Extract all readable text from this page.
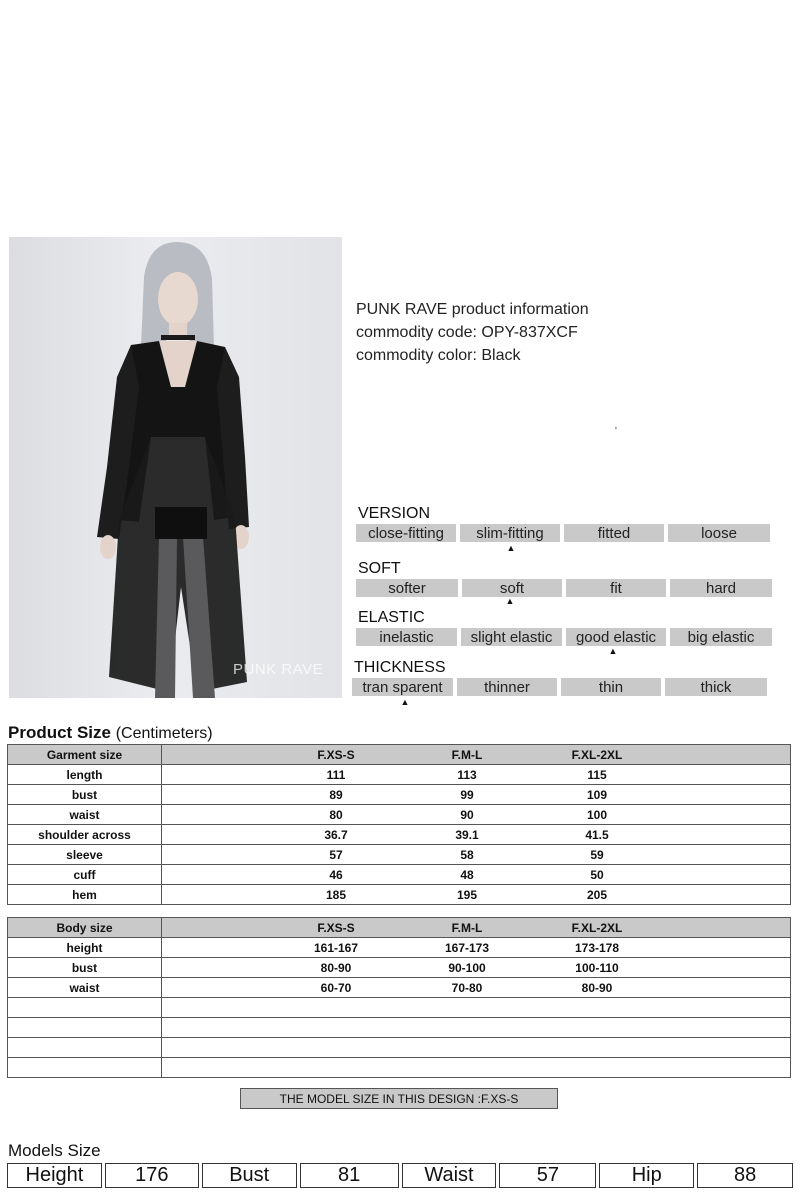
PUNK RAVE
PUNK RAVE product information
commodity code: OPY-837XCF
commodity color: Black
'
VERSION
close-fitting	slim-fitting	fitted	loose
▲
SOFT
softer	soft	fit	hard
▲
ELASTIC
inelastic	slight elastic	good elastic	big elastic
▲
THICKNESS
tran sparent	thinner	thin	thick
▲
Product Size (Centimeters)
Garment size	F.XS-S F.M-L F.XL-2XL

length	111 113 115

bust	89 99 109

waist	80 90 100

shoulder across	36.7 39.1 41.5

sleeve	57 58 59

cuff	46 48 50

hem	185 195 205
Body size	F.XS-S F.M-L F.XL-2XL

height	161-167 167-173 173-178

bust	80-90 90-100 100-110

waist	60-70 70-80 80-90

THE MODEL SIZE IN THIS DESIGN :F.XS-S
Models Size
Height	176	Bust	81	Waist	57	Hip	88
